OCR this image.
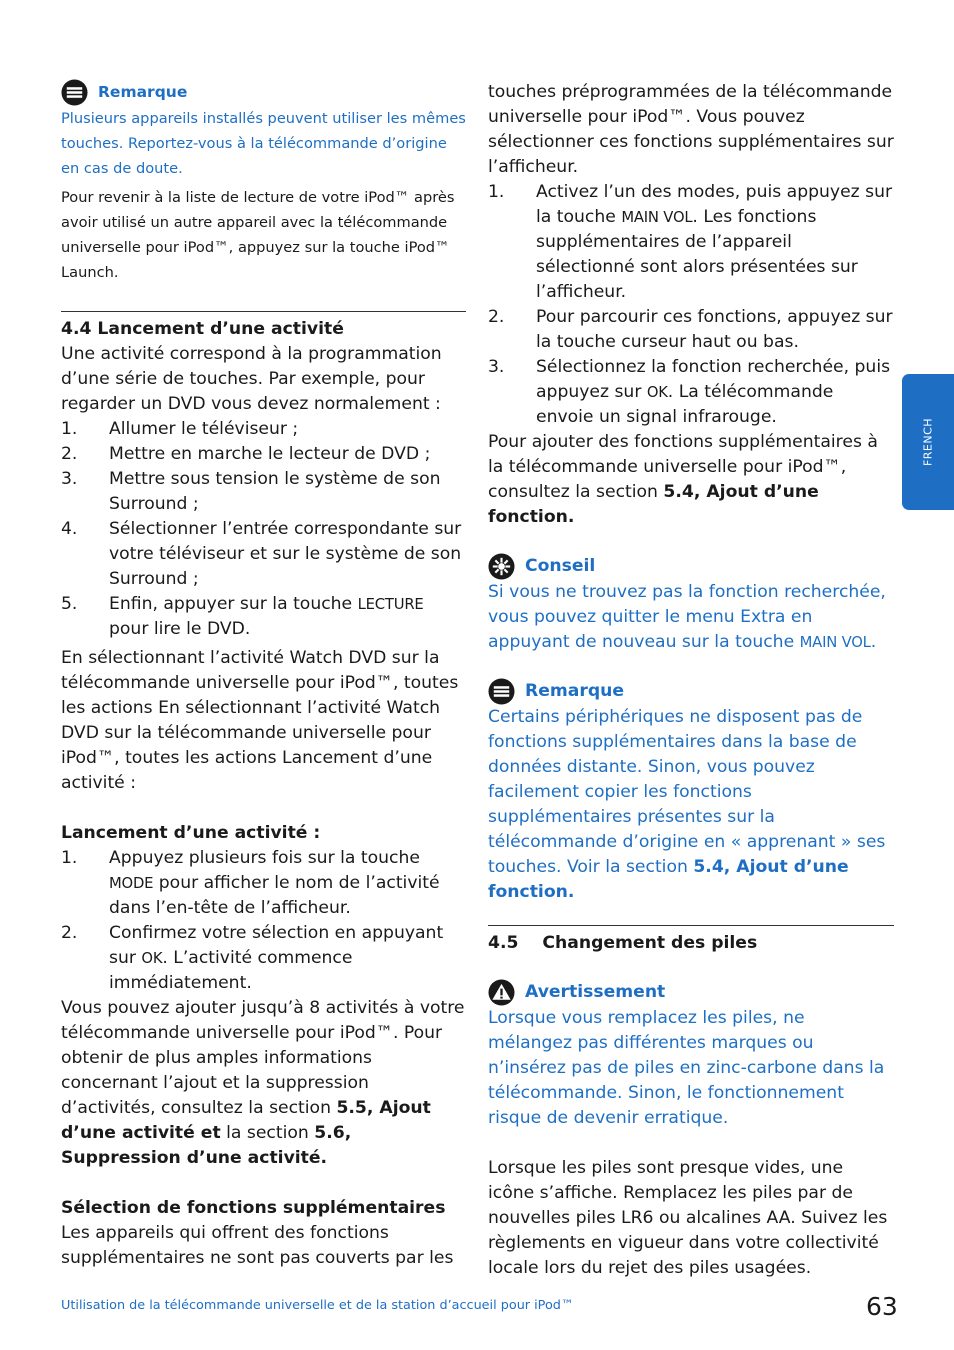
Remarque

Plusieurs appareils installés peuvent utiliser les mêmes touches. Reportez-vous à la télécommande d’origine en cas de doute.

Pour revenir à la liste de lecture de votre iPod™ après avoir utilisé un autre appareil avec la télécommande universelle pour iPod™, appuyez sur la touche iPod™ Launch.

4.4 Lancement d’une activité

Une activité correspond à la programmation d’une série de touches. Par exemple, pour regarder un DVD vous devez normalement :

1.	Allumer le téléviseur ;
2.	Mettre en marche le lecteur de DVD ;
3.	Mettre sous tension le système de son Surround ;
4.	Sélectionner l’entrée correspondante sur votre téléviseur et sur le système de son Surround ;
5.	Enfin, appuyer sur la touche LECTURE pour lire le DVD.

En sélectionnant l’activité Watch DVD sur la télécommande universelle pour iPod™, toutes les actions En sélectionnant l’activité Watch DVD sur la télécommande universelle pour iPod™, toutes les actions Lancement d’une activité :

Lancement d’une activité :

1.	Appuyez plusieurs fois sur la touche MODE pour afficher le nom de l’activité dans l’en-tête de l’afficheur.
2.	Confirmez votre sélection en appuyant sur OK. L’activité commence immédiatement.

Vous pouvez ajouter jusqu’à 8 activités à votre télécommande universelle pour iPod™. Pour obtenir de plus amples informations concernant l’ajout et la suppression d’activités, consultez la section 5.5, Ajout d’une activité et la section 5.6, Suppression d’une activité.

Sélection de fonctions supplémentaires

Les appareils qui offrent des fonctions supplémentaires ne sont pas couverts par les

touches préprogrammées de la télécommande universelle pour iPod™. Vous pouvez sélectionner ces fonctions supplémentaires sur l’afficheur.

1.	Activez l’un des modes, puis appuyez sur la touche MAIN VOL. Les fonctions supplémentaires de l’appareil sélectionné sont alors présentées sur l’afficheur.
2.	Pour parcourir ces fonctions, appuyez sur la touche curseur haut ou bas.
3.	Sélectionnez la fonction recherchée, puis appuyez sur OK. La télécommande envoie un signal infrarouge.

Pour ajouter des fonctions supplémentaires à la télécommande universelle pour iPod™, consultez la section 5.4, Ajout d’une fonction.

Conseil

Si vous ne trouvez pas la fonction recherchée, vous pouvez quitter le menu Extra en appuyant de nouveau sur la touche MAIN VOL.

Remarque

Certains périphériques ne disposent pas de fonctions supplémentaires dans la base de données distante. Sinon, vous pouvez facilement copier les fonctions supplémentaires présentes sur la télécommande d’origine en « apprenant » ses touches. Voir la section 5.4, Ajout d’une fonction.

4.5    Changement des piles

Avertissement

Lorsque vous remplacez les piles, ne mélangez pas différentes marques ou n’insérez pas de piles en zinc-carbone dans la télécommande. Sinon, le fonctionnement risque de devenir erratique.

Lorsque les piles sont presque vides, une icône s’affiche. Remplacez les piles par de nouvelles piles LR6 ou alcalines AA. Suivez les règlements en vigueur dans votre collectivité locale lors du rejet des piles usagées.

FRENCH
Utilisation de la télécommande universelle et de la station d’accueil pour iPod™	63
